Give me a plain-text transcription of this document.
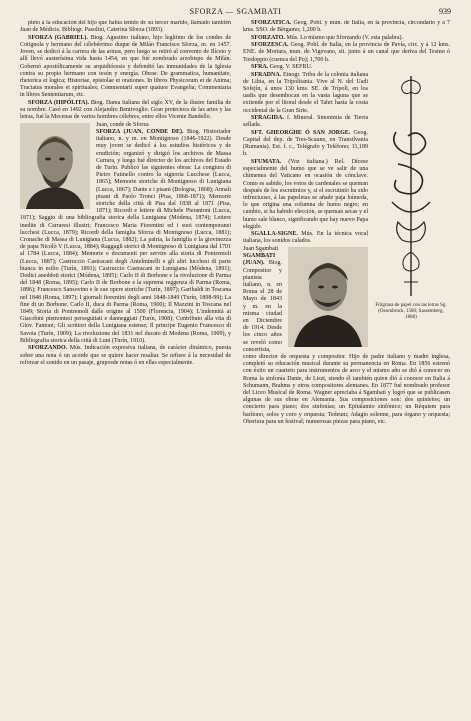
SFORZA — SGAMBATI	939

pleto á la educación del hijo que había tenido de su tercer marido, llamado también Juan de Médicis. Bibliogr. Pasolini, Caterina Sforza (1893).

SFORZA (GABRIEL). Biog. Agustino italiano, hijo legítimo de los condes de Cotignola y hermano del célebérrimo duque de Milán Francisco Sforza, m. en 1457. Joven, se dedicó á la carrera de las armas, pero luego se retiró al convento de Ilíceto y allí llevó austerísima vida hasta 1454, en que fué nombrado arzobispo de Milán. Gobernó apostólicamente su arquidiócesis y defendió las inmunidades de la Iglesia contra su propio hermano con tesón y energía. Obras: De grammatica, humanitate, rhetorica et logica; Historiae, epistolae et orationes. In libros Physicorum et de Anima; Tractatus morales et spirituales; Commentarii super quatuor Evangelia; Commentaria in libros Sententiarum, etc.

SFORZA (HIPÓLITA). Biog. Dama italiana del siglo XV, de la ilustre familia de su nombre. Casó en 1492 con Alejandro Bentivoglio. Gran protectora de las artes y las letras, fué la Mecenas de varios hombres célebres, entre ellos Vicente Bandello.

Juan, conde de Sforza
SFORZA (JUAN, CONDE DE). Biog. Historiador italiano, n. y m. en Montignoso (1846-1922). Desde muy joven se dedicó á los estudios históricos y de erudición; organizó y dirigió los archivos de Massa Carrara, y luego fué director de los archivos del Estado de Turín. Publicó las siguientes obras: La congiura di Pietro Fatinello contro la signoria Lucchese (Lucca, 1865); Memorie storiche di Montignoso di Lunigiana (Lucca, 1867); Dante e i pisani (Bologna, 1868); Annali pisani di Paolo Tronci (Pisa, 1868-1871); Memorie storiche della città di Pisa dal 1838 al 1871 (Pisa, 1871); Ricordi e lettere di Michele Pierantoni (Lucca, 1871); Saggio di una bibliografia storica della Lunigiana (Módena, 1874); Lettere inedite di Carraresi illustri; Francesco Maria Fiorentini ed i suoi contemporanei lucchesi (Lucca, 1879); Ricordi della famiglia Sforza di Montignoso (Lucca, 1881); Cronache di Massa di Lunigiana (Lucca, 1882); La patria, la famiglia e la giovinezza de papa Nicolò V (Lucca, 1884); Raggagli storici di Montignoso di Lunigiana dal 1701 al 1784 (Lucca, 1884); Memorie e documenti per servire alla storia di Pontremoli (Lucca, 1887); Castruccio Castracani degli Antelminelli e gli altri lucchesi di parte bianca in esilio (Turín, 1891); Castruccio Castracani in Lunigiana (Módena, 1891); Dodici aneddoti storici (Módena, 1895); Carlo II di Borbone e la rivoluzione di Parma del 1848 (Roma, 1895); Carlo II de Borbone e la suprema reggenza di Parma (Roma, 1896); Francesco Sansovino e le sue opere storiche (Turín, 1897); Garibaldi in Toscana nel 1848 (Roma, 1897); I giornali fiorentini degli anni 1848-1849 (Turín, 1898-99); La fine di un Borbone. Carlo II, duca di Parma (Roma, 1900); Il Mazzini in Toscana nel 1849; Storia di Pontremoli dalle origine al 1500 (Florencia, 1904); L'indennità ai Giacobini piemontesi perseguitati e danneggiati (Turín, 1908); Contributo alla vita di Giov. Fantoni; Gli scrittori della Lunigiana estense; Il principe Eugenio Francesco di Savoia (Turín, 1909); La rivoluzione del 1831 nel ducato di Modena (Roma, 1909), y Bibliografia storica della città di Luni (Turín, 1910).

SFORZANDO. Mús. Indicación expresiva italiana, de carácter dinámico, puesta sobre una nota ó un acorde que se quiere hacer resaltar. Se refiere á la necesidad de reforzar el sonido en un pasaje, gruposde notas ó en ellas especialmente.

SFORZATICA. Geog. Pobl. y mun. de Italia, en la provincia, circondario y á 7 kms. SSO. de Bérgamo; 1,200 h.

SFORZATO. Mús. Lo mismo que Sforzando (V. esta palabra).

SFORZESCA. Geog. Pobl. de Italia, en la provincia de Pavía, circ. y á 12 kms. ENE. de Mortara, mun. de Vigevano, sit. junto á un canal que deriva del Tesino ó Tordoppio (cuenca del Po); 1,700 h.

SFRA. Geog. V. SEFRU.

Filigrana de papel con las letras Sg. (Ossenbruck, 1580; Sassemberg, 1888)

SFRADNA. Etnogr. Tribu de la colonia italiana de Libia, en la Tripolitania. Vive al N. del Uadi Sofejín, á unos 130 kms. SE. de Trípoli, en los uadis que desembocan en la vasta laguna que se extiende por el litoral desde el Tahrt hasta la costa occidental de la Gran Sirte.

SFRAGIDA. f. Mineral. Sinonimia de Tierra sellada.

SFT. GHEORGHE Ó SAN JORGE. Geog. Capital del dep. de Tres-Scaune, en Transilvania (Rumania). Est. f. c., Telégrafo y Teléfono; 11,189 h.

SFUMATA. (Voz italiana.) Rel. Dícese especialmente del humo que se ve salir de una chimenea del Vaticano en ocasión de cónclave. Como es sabido, los votos de cardenales se queman después de los escrutinios y, si el escrutinio ha sido infructuoso, á las papeletas se añade paja húmeda, lo que origina una columna de humo negro; en cambio, si ha habido elección, se queman secas y el humo sale blanco, significando que hay nuevo Papa elegido.

SGALLA-SIGNE. Mús. En la técnica vocal italiana, los sonidos calados.

Juan Sgambati
SGAMBATI (JUAN). Biog. Compositor y pianista italiano, n. en Roma el 28 de Mayo de 1843 y m. en la misma ciudad en Diciembre de 1914. Desde los cinco años se reveló como concertista, como director de orquesta y compositor. Hijo de padre italiano y madre inglesa, completó su educación musical durante su permanencia en Roma. En 1856 estrenó con éxito un cuarteto para instrumentos de arco y el mismo año se dió á conocer en Roma la sinfonía Dante, de Liszt, siendo él también quien dió á conocer en Italia á Schumann, Brahms y otros compositores alemanes. En 1877 fué nombrado profesor del Liceo Musical de Roma. Wagner apreciaba á Sgambati y logró que se publicasen algunas de sus obras en Alemania. Sus composiciones son: dos quintetos; un concierto para piano; dos sinfonías; un Epitalamio sinfónico; un Réquiem para barítono, solos y coro y orquesta; Tedeum; Adagio solenne, para órgano y orquesta; Obertura para un festival; numerosas piezas para piano, etc.
